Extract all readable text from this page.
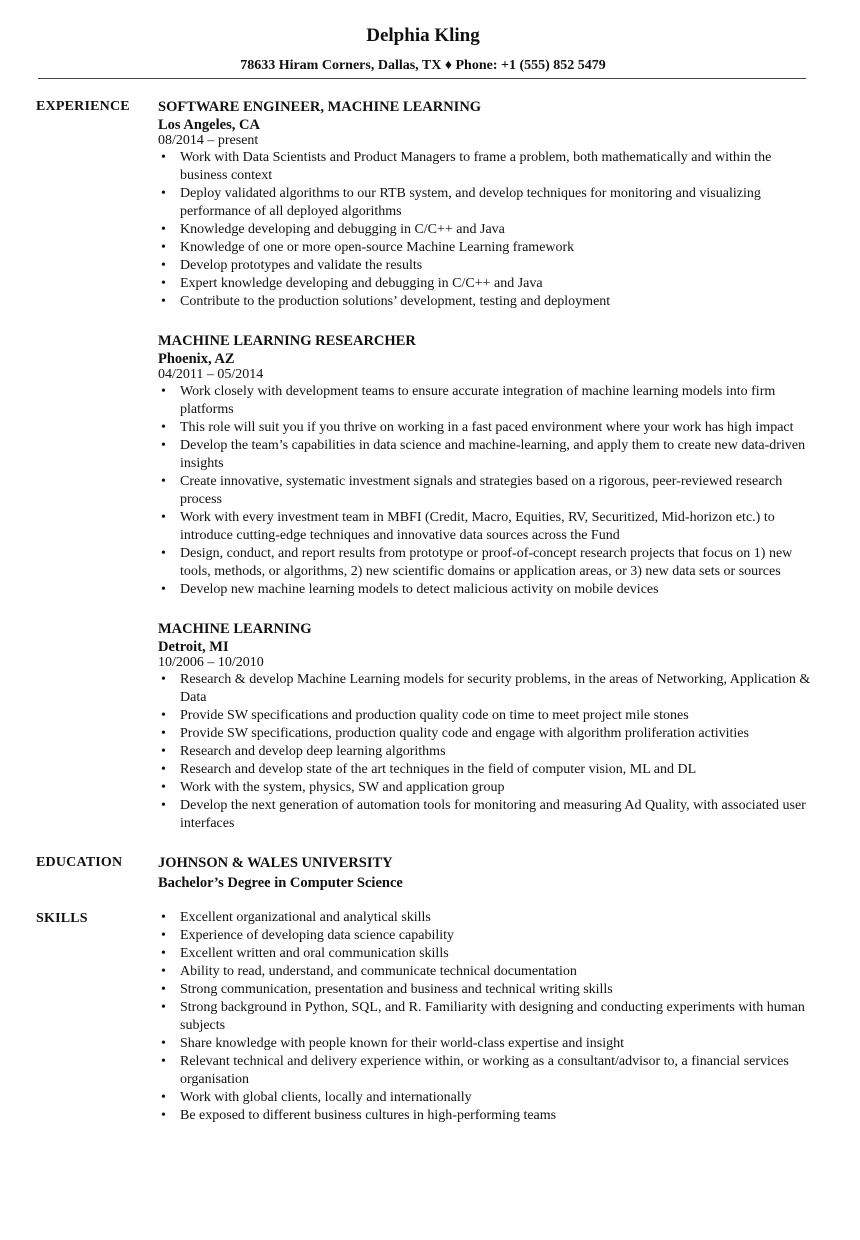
Delphia Kling
78633 Hiram Corners, Dallas, TX ♦ Phone: +1 (555) 852 5479
EXPERIENCE SOFTWARE ENGINEER, MACHINE LEARNING
Los Angeles, CA
08/2014 – present
• Work with Data Scientists and Product Managers to frame a problem, both mathematically and within the business context
• Deploy validated algorithms to our RTB system, and develop techniques for monitoring and visualizing performance of all deployed algorithms
• Knowledge developing and debugging in C/C++ and Java
• Knowledge of one or more open-source Machine Learning framework
• Develop prototypes and validate the results
• Expert knowledge developing and debugging in C/C++ and Java
• Contribute to the production solutions’ development, testing and deployment
MACHINE LEARNING RESEARCHER
Phoenix, AZ
04/2011 – 05/2014
• Work closely with development teams to ensure accurate integration of machine learning models into firm platforms
• This role will suit you if you thrive on working in a fast paced environment where your work has high impact
• Develop the team’s capabilities in data science and machine-learning, and apply them to create new data-driven insights
• Create innovative, systematic investment signals and strategies based on a rigorous, peer-reviewed research process
• Work with every investment team in MBFI (Credit, Macro, Equities, RV, Securitized, Mid-horizon etc.) to introduce cutting-edge techniques and innovative data sources across the Fund
• Design, conduct, and report results from prototype or proof-of-concept research projects that focus on 1) new tools, methods, or algorithms, 2) new scientific domains or application areas, or 3) new data sets or sources
• Develop new machine learning models to detect malicious activity on mobile devices
MACHINE LEARNING
Detroit, MI
10/2006 – 10/2010
• Research & develop Machine Learning models for security problems, in the areas of Networking, Application & Data
• Provide SW specifications and production quality code on time to meet project mile stones
• Provide SW specifications, production quality code and engage with algorithm proliferation activities
• Research and develop deep learning algorithms
• Research and develop state of the art techniques in the field of computer vision, ML and DL
• Work with the system, physics, SW and application group
• Develop the next generation of automation tools for monitoring and measuring Ad Quality, with associated user interfaces
EDUCATION JOHNSON & WALES UNIVERSITY
Bachelor’s Degree in Computer Science
SKILLS	• Excellent organizational and analytical skills
• Experience of developing data science capability
• Excellent written and oral communication skills
• Ability to read, understand, and communicate technical documentation
• Strong communication, presentation and business and technical writing skills
• Strong background in Python, SQL, and R. Familiarity with designing and conducting experiments with human subjects
• Share knowledge with people known for their world-class expertise and insight
• Relevant technical and delivery experience within, or working as a consultant/advisor to, a financial services organisation
• Work with global clients, locally and internationally
• Be exposed to different business cultures in high-performing teams
